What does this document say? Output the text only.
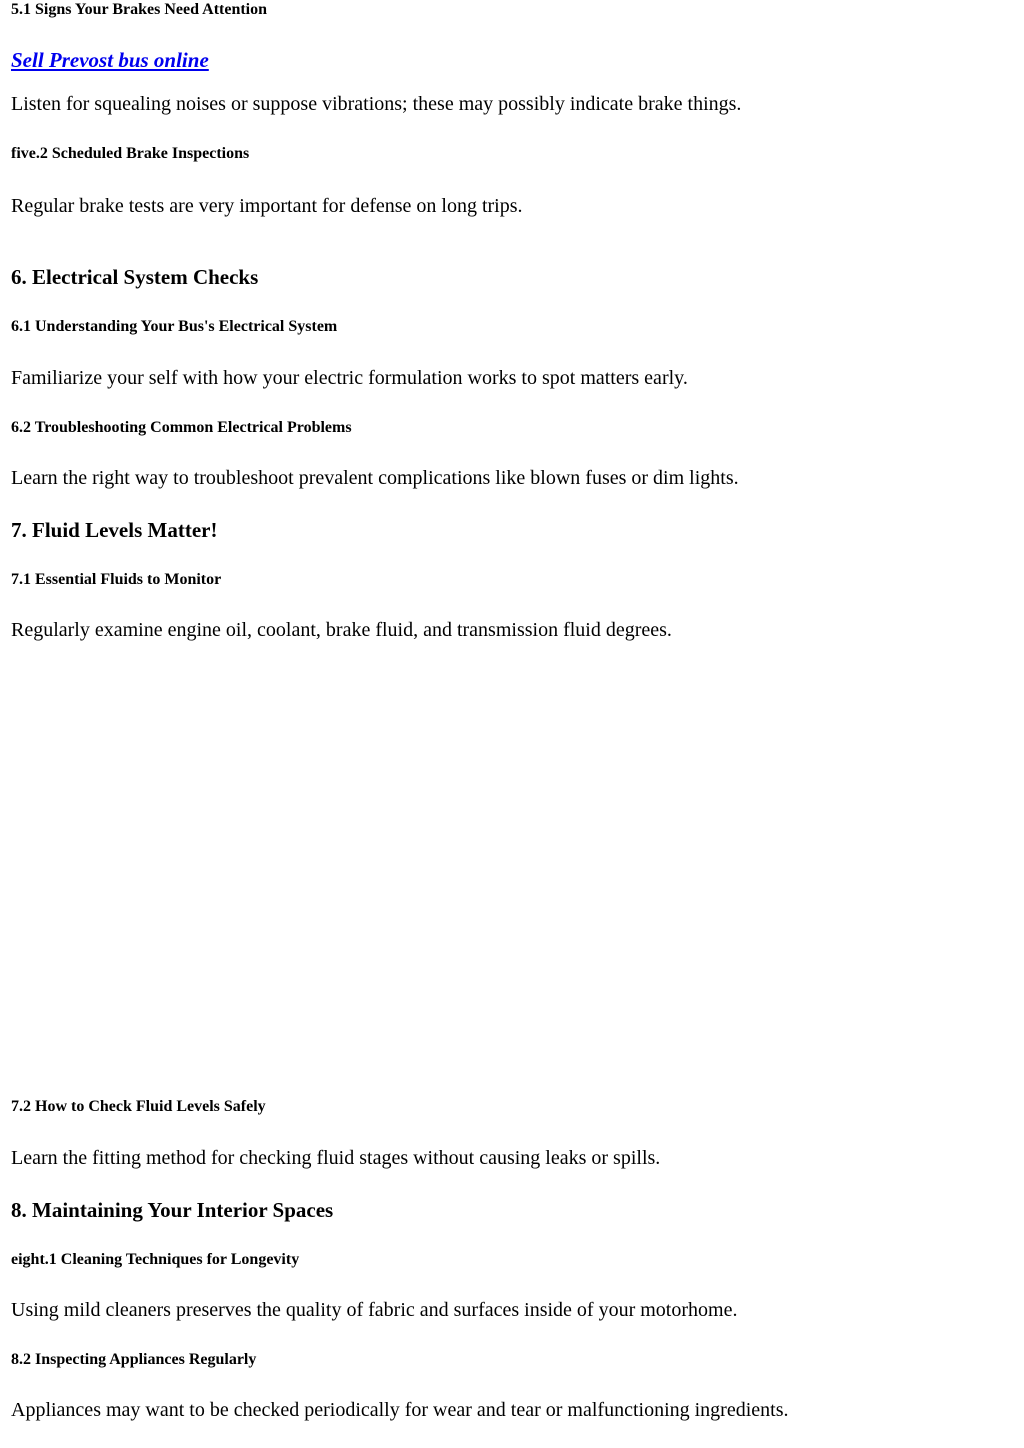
5.1 Signs Your Brakes Need Attention
Sell Prevost bus online

Listen for squealing noises or suppose vibrations; these may possibly indicate brake things.

five.2 Scheduled Brake Inspections

Regular brake tests are very important for defense on long trips.

6. Electrical System Checks
6.1 Understanding Your Bus's Electrical System

Familiarize your self with how your electric formulation works to spot matters early.

6.2 Troubleshooting Common Electrical Problems

Learn the right way to troubleshoot prevalent complications like blown fuses or dim lights.

7. Fluid Levels Matter!
7.1 Essential Fluids to Monitor

Regularly examine engine oil, coolant, brake fluid, and transmission fluid degrees.

7.2 How to Check Fluid Levels Safely

Learn the fitting method for checking fluid stages without causing leaks or spills.

8. Maintaining Your Interior Spaces
eight.1 Cleaning Techniques for Longevity

Using mild cleaners preserves the quality of fabric and surfaces inside of your motorhome.

8.2 Inspecting Appliances Regularly

Appliances may want to be checked periodically for wear and tear or malfunctioning ingredients.
